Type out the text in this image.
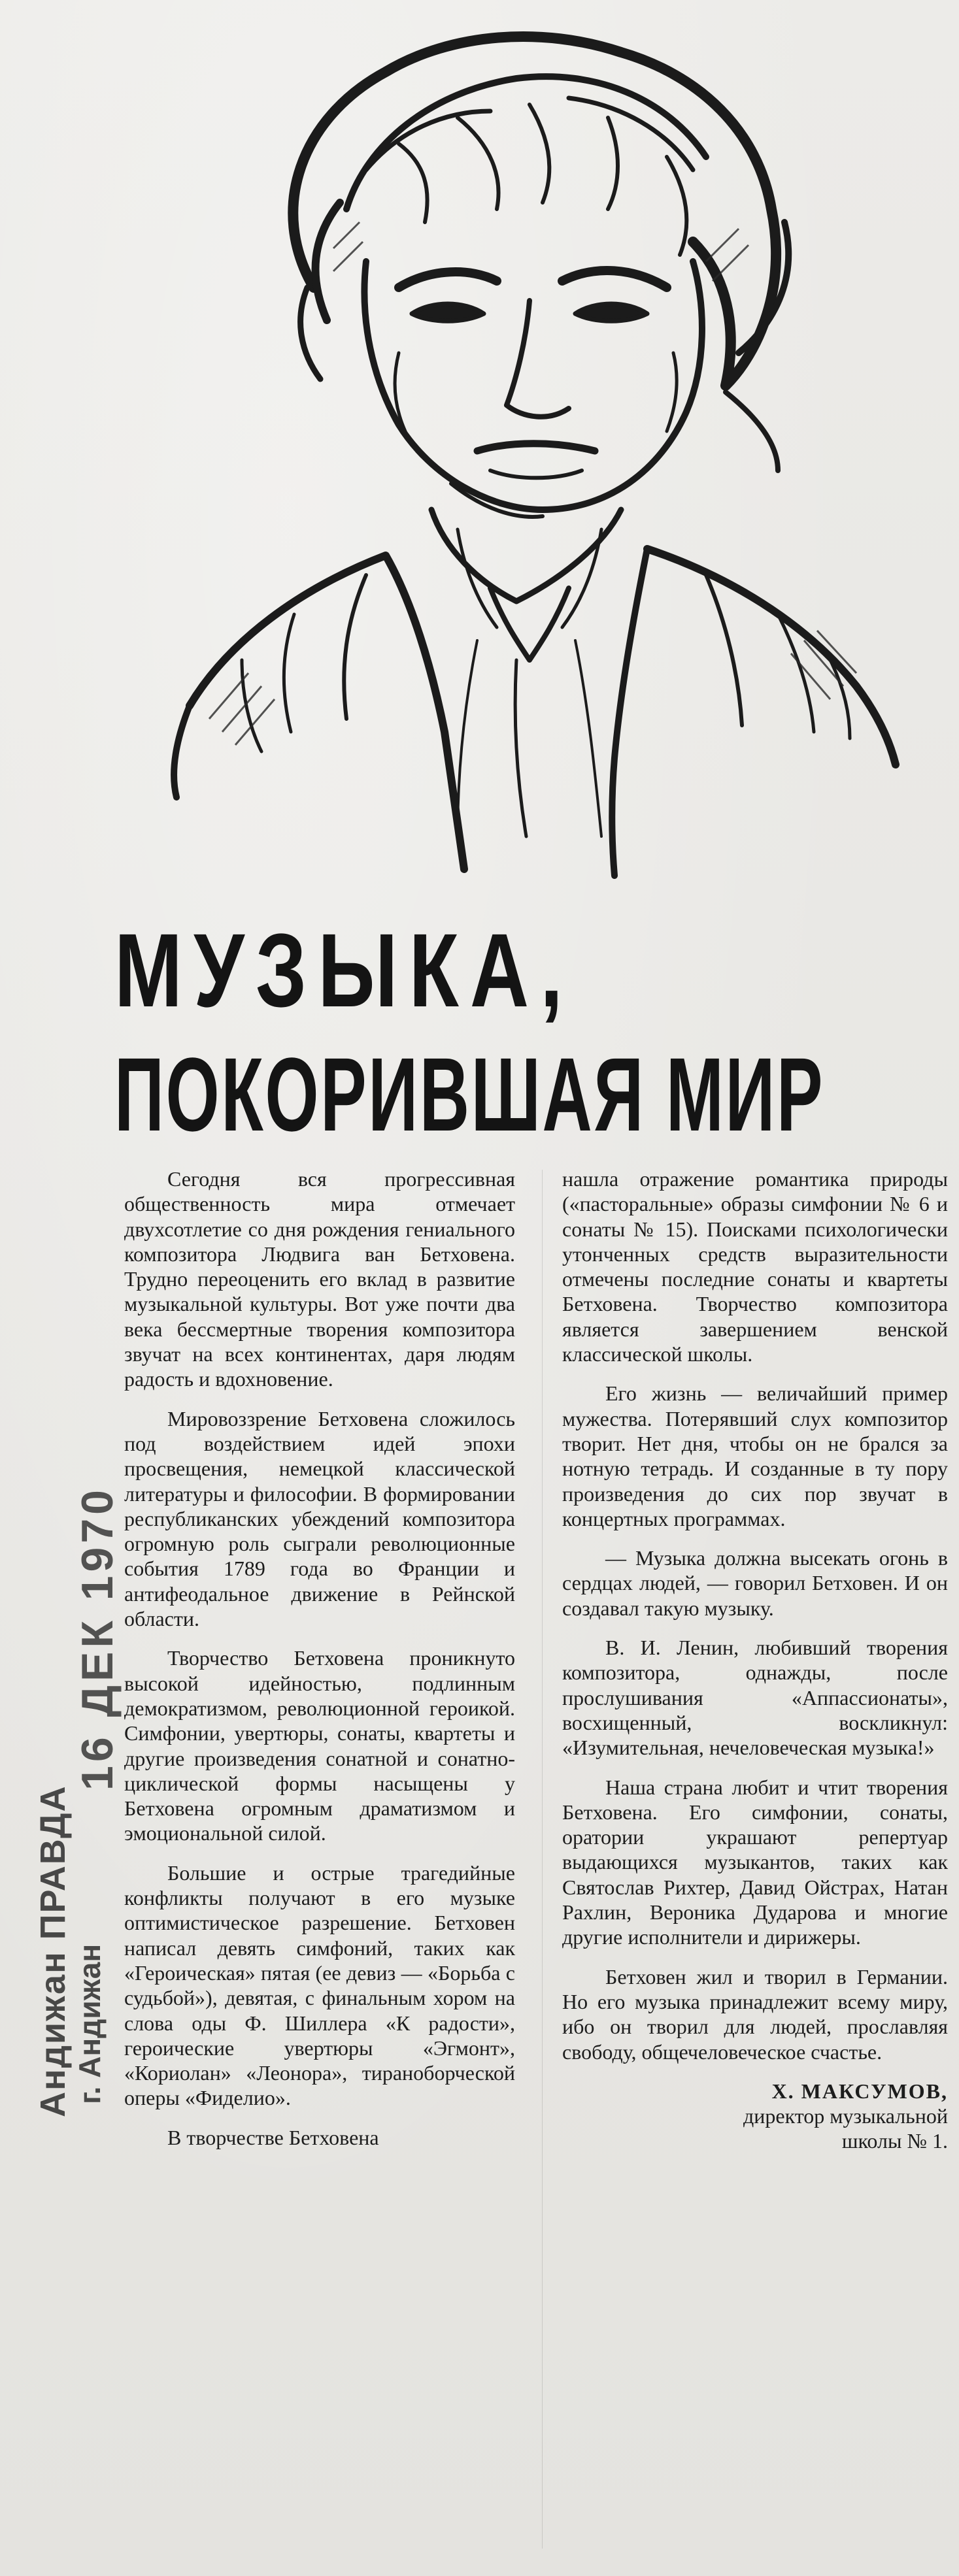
МУЗЫКА,
ПОКОРИВШАЯ МИР
16 ДЕК 1970
Андижан ПРАВДА г. Андижан

Сегодня вся прогрессивная общественность мира отмечает двухсотлетие со дня рождения гениального композитора Людвига ван Бетховена. Трудно переоценить его вклад в развитие музыкальной культуры. Вот уже почти два века бессмертные творения композитора звучат на всех континентах, даря людям радость и вдохновение.

Мировоззрение Бетховена сложилось под воздействием идей эпохи просвещения, немецкой классической литературы и философии. В формировании республиканских убеждений композитора огромную роль сыграли революционные события 1789 года во Франции и антифеодальное движение в Рейнской области.

Творчество Бетховена проникнуто высокой идейностью, подлинным демократизмом, революционной героикой. Симфонии, увертюры, сонаты, квартеты и другие произведения сонатной и сонатно-циклической формы насыщены у Бетховена огромным драматизмом и эмоциональной силой.

Большие и острые трагедийные конфликты получают в его музыке оптимистическое разрешение. Бетховен написал девять симфоний, таких как «Героическая» пятая (ее девиз — «Борьба с судьбой»), девятая, с финальным хором на слова оды Ф. Шиллера «К радости», героические увертюры «Эгмонт», «Кориолан» «Леонора», тираноборческой оперы «Фиделио».

В творчестве Бетховена

нашла отражение романтика природы («пасторальные» образы симфонии № 6 и сонаты № 15). Поисками психологически утонченных средств выразительности отмечены последние сонаты и квартеты Бетховена. Творчество композитора является завершением венской классической школы.

Его жизнь — величайший пример мужества. Потерявший слух композитор творит. Нет дня, чтобы он не брался за нотную тетрадь. И созданные в ту пору произведения до сих пор звучат в концертных программах.

— Музыка должна высекать огонь в сердцах людей, — говорил Бетховен. И он создавал такую музыку.

В. И. Ленин, любивший творения композитора, однажды, после прослушивания «Аппассионаты», восхищенный, воскликнул: «Изумительная, нечеловеческая музыка!»

Наша страна любит и чтит творения Бетховена. Его симфонии, сонаты, оратории украшают репертуар выдающихся музыкантов, таких как Святослав Рихтер, Давид Ойстрах, Натан Рахлин, Вероника Дударова и многие другие исполнители и дирижеры.

Бетховен жил и творил в Германии. Но его музыка принадлежит всему миру, ибо он творил для людей, прославляя свободу, общечеловеческое счастье.

Х. МАКСУМОВ,

директор музыкальной

школы № 1.
